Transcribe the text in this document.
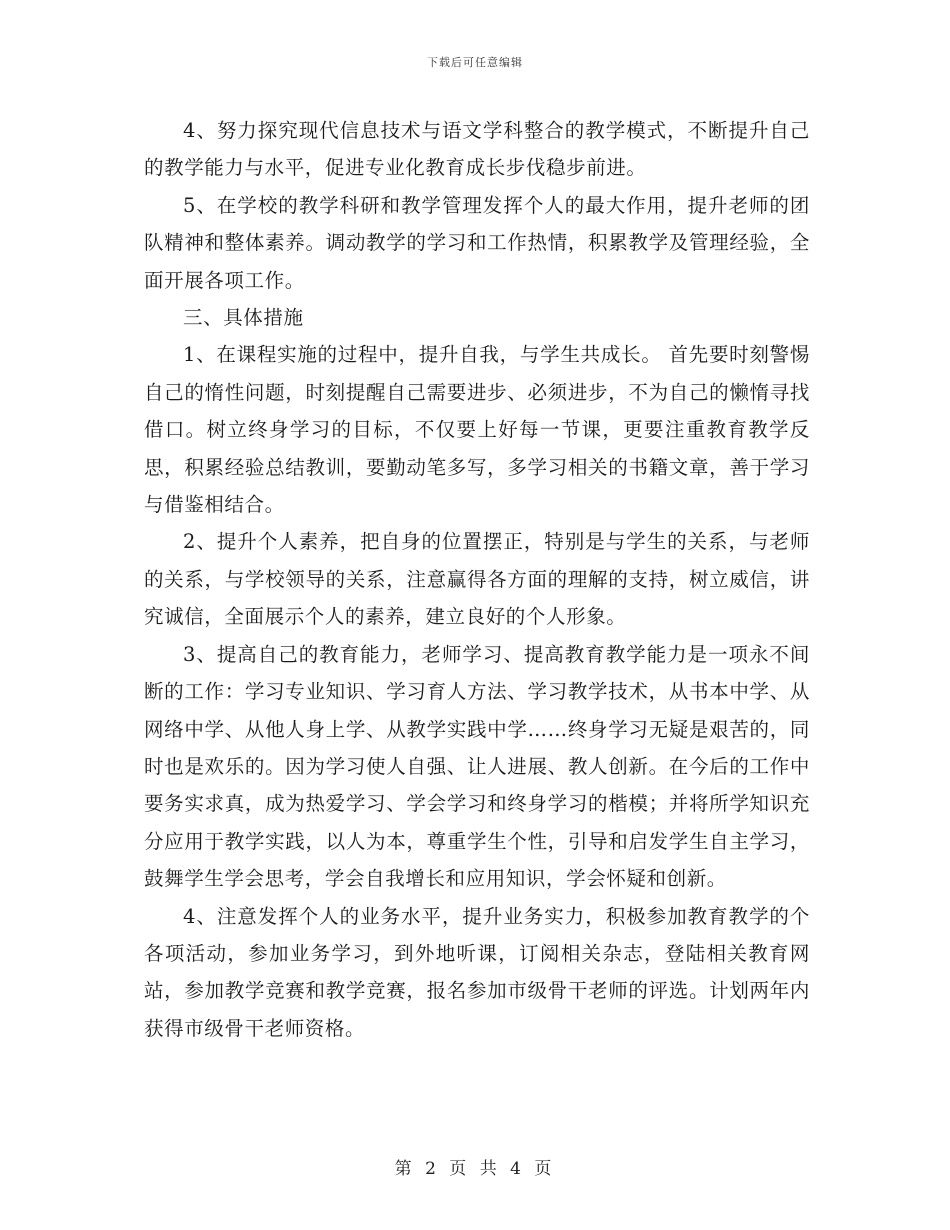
下载后可任意编辑

4、努力探究现代信息技术与语文学科整合的教学模式，不断提升自己的教学能力与水平，促进专业化教育成长步伐稳步前进。

5、在学校的教学科研和教学管理发挥个人的最大作用，提升老师的团队精神和整体素养。调动教学的学习和工作热情，积累教学及管理经验，全面开展各项工作。

三、具体措施

1、在课程实施的过程中，提升自我，与学生共成长。 首先要时刻警惕自己的惰性问题，时刻提醒自己需要进步、必须进步，不为自己的懒惰寻找借口。树立终身学习的目标，不仅要上好每一节课，更要注重教育教学反思，积累经验总结教训，要勤动笔多写，多学习相关的书籍文章，善于学习与借鉴相结合。

2、提升个人素养，把自身的位置摆正，特别是与学生的关系，与老师的关系，与学校领导的关系，注意赢得各方面的理解的支持，树立威信，讲究诚信，全面展示个人的素养，建立良好的个人形象。

3、提高自己的教育能力，老师学习、提高教育教学能力是一项永不间断的工作：学习专业知识、学习育人方法、学习教学技术，从书本中学、从网络中学、从他人身上学、从教学实践中学……终身学习无疑是艰苦的，同时也是欢乐的。因为学习使人自强、让人进展、教人创新。在今后的工作中要务实求真，成为热爱学习、学会学习和终身学习的楷模；并将所学知识充分应用于教学实践，以人为本，尊重学生个性，引导和启发学生自主学习，鼓舞学生学会思考，学会自我增长和应用知识，学会怀疑和创新。

4、注意发挥个人的业务水平，提升业务实力，积极参加教育教学的个各项活动，参加业务学习，到外地听课，订阅相关杂志，登陆相关教育网站，参加教学竞赛和教学竞赛，报名参加市级骨干老师的评选。计划两年内获得市级骨干老师资格。

第 2 页 共 4 页
